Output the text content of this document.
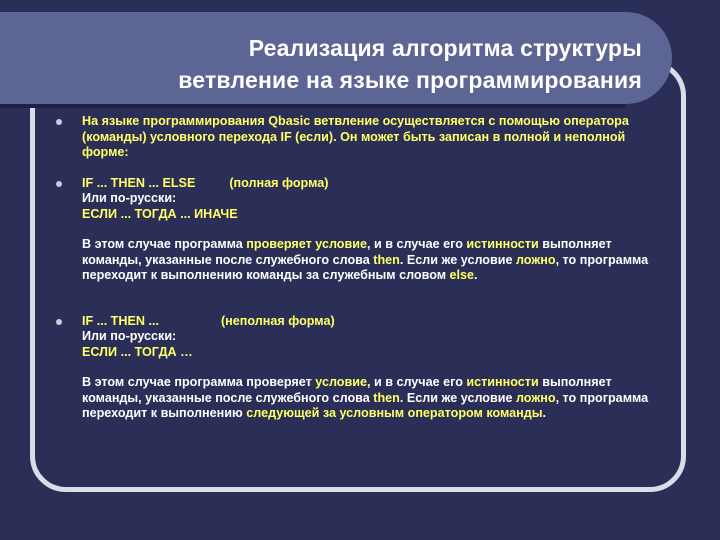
Реализация алгоритма структуры
ветвление на языке программирования
На языке программирования Qbasic ветвление осуществляется с помощью оператора (команды) условного перехода IF (если). Он может быть записан в полной и неполной форме:
IF ... THEN ... ELSE	(полная форма)
Или по-русски:
ЕСЛИ ... ТОГДА ... ИНАЧЕ
В этом случае программа проверяет условие, и в случае его истинности выполняет команды, указанные после служебного слова then. Если же условие ложно, то программа переходит к выполнению команды за служебным словом else.
IF ... THEN ...	(неполная форма)
Или по-русски:
ЕСЛИ ... ТОГДА …
В этом случае программа проверяет условие, и в случае его истинности выполняет команды, указанные после служебного слова then. Если же условие ложно, то программа переходит к выполнению следующей за условным оператором команды.
